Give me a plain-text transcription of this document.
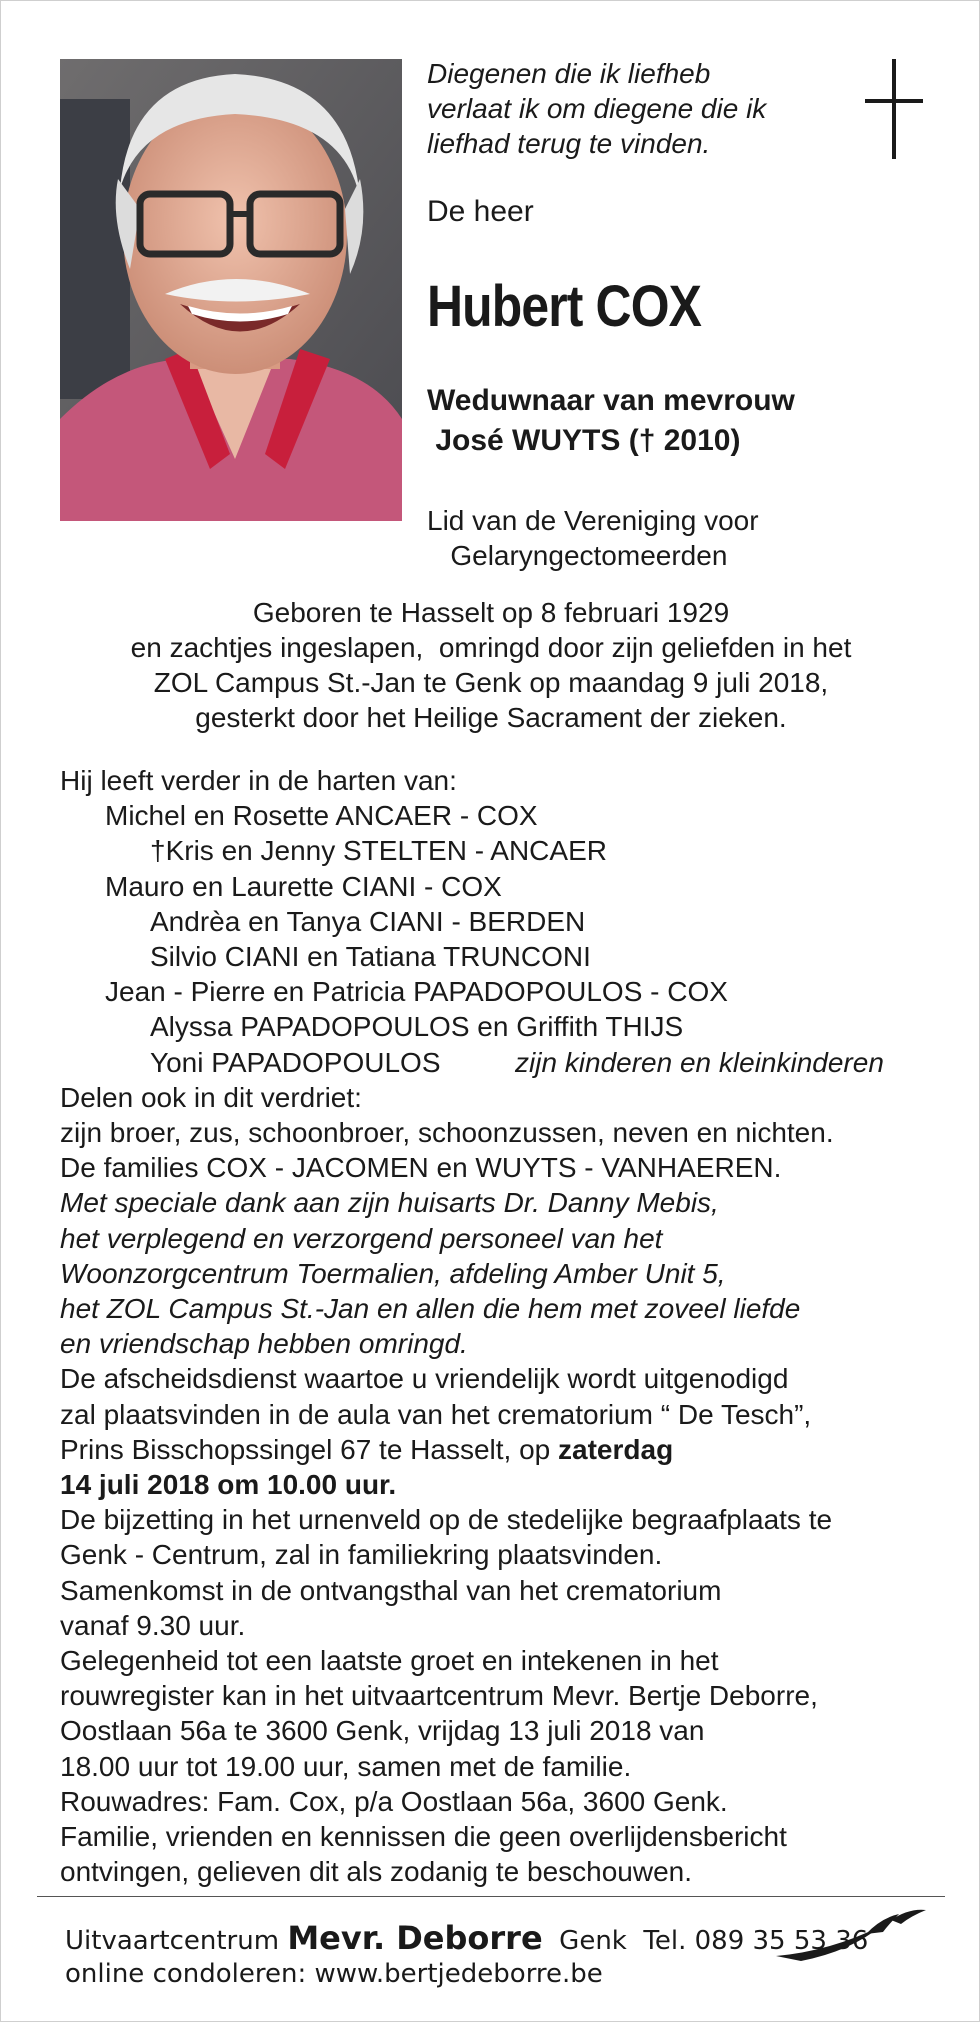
Diegenen die ik liefheb
verlaat ik om diegene die ik
liefhad terug te vinden.
De heer
Hubert COX
Weduwnaar van mevrouw
José WUYTS († 2010)
Lid van de Vereniging voor
Gelaryngectomeerden
Geboren te Hasselt op 8 februari 1929
en zachtjes ingeslapen,  omringd door zijn geliefden in het
ZOL Campus St.-Jan te Genk op maandag 9 juli 2018,
gesterkt door het Heilige Sacrament der zieken.
Hij leeft verder in de harten van:
Michel en Rosette ANCAER - COX
†Kris en Jenny STELTEN - ANCAER
Mauro en Laurette CIANI - COX
Andrèa en Tanya CIANI - BERDEN
Silvio CIANI en Tatiana TRUNCONI
Jean - Pierre en Patricia PAPADOPOULOS - COX
Alyssa PAPADOPOULOS en Griffith THIJS
Yoni PAPADOPOULOS	zijn kinderen en kleinkinderen
Delen ook in dit verdriet:
zijn broer, zus, schoonbroer, schoonzussen, neven en nichten.
De families COX - JACOMEN en WUYTS - VANHAEREN.
Met speciale dank aan zijn huisarts Dr. Danny Mebis,
het verplegend en verzorgend personeel van het
Woonzorgcentrum Toermalien, afdeling Amber Unit 5,
het ZOL Campus St.-Jan en allen die hem met zoveel liefde
en vriendschap hebben omringd.
De afscheidsdienst waartoe u vriendelijk wordt uitgenodigd
zal plaatsvinden in de aula van het crematorium “ De Tesch”,
Prins Bisschopssingel 67 te Hasselt, op zaterdag
14 juli 2018 om 10.00 uur.
De bijzetting in het urnenveld op de stedelijke begraafplaats te
Genk - Centrum, zal in familiekring plaatsvinden.
Samenkomst in de ontvangsthal van het crematorium
vanaf 9.30 uur.
Gelegenheid tot een laatste groet en intekenen in het
rouwregister kan in het uitvaartcentrum Mevr. Bertje Deborre,
Oostlaan 56a te 3600 Genk, vrijdag 13 juli 2018 van
18.00 uur tot 19.00 uur, samen met de familie.
Rouwadres: Fam. Cox, p/a Oostlaan 56a, 3600 Genk.
Familie, vrienden en kennissen die geen overlijdensbericht
ontvingen, gelieven dit als zodanig te beschouwen.
Uitvaartcentrum Mevr. Deborre  Genk  Tel. 089 35 53 36
online condoleren: www.bertjedeborre.be
